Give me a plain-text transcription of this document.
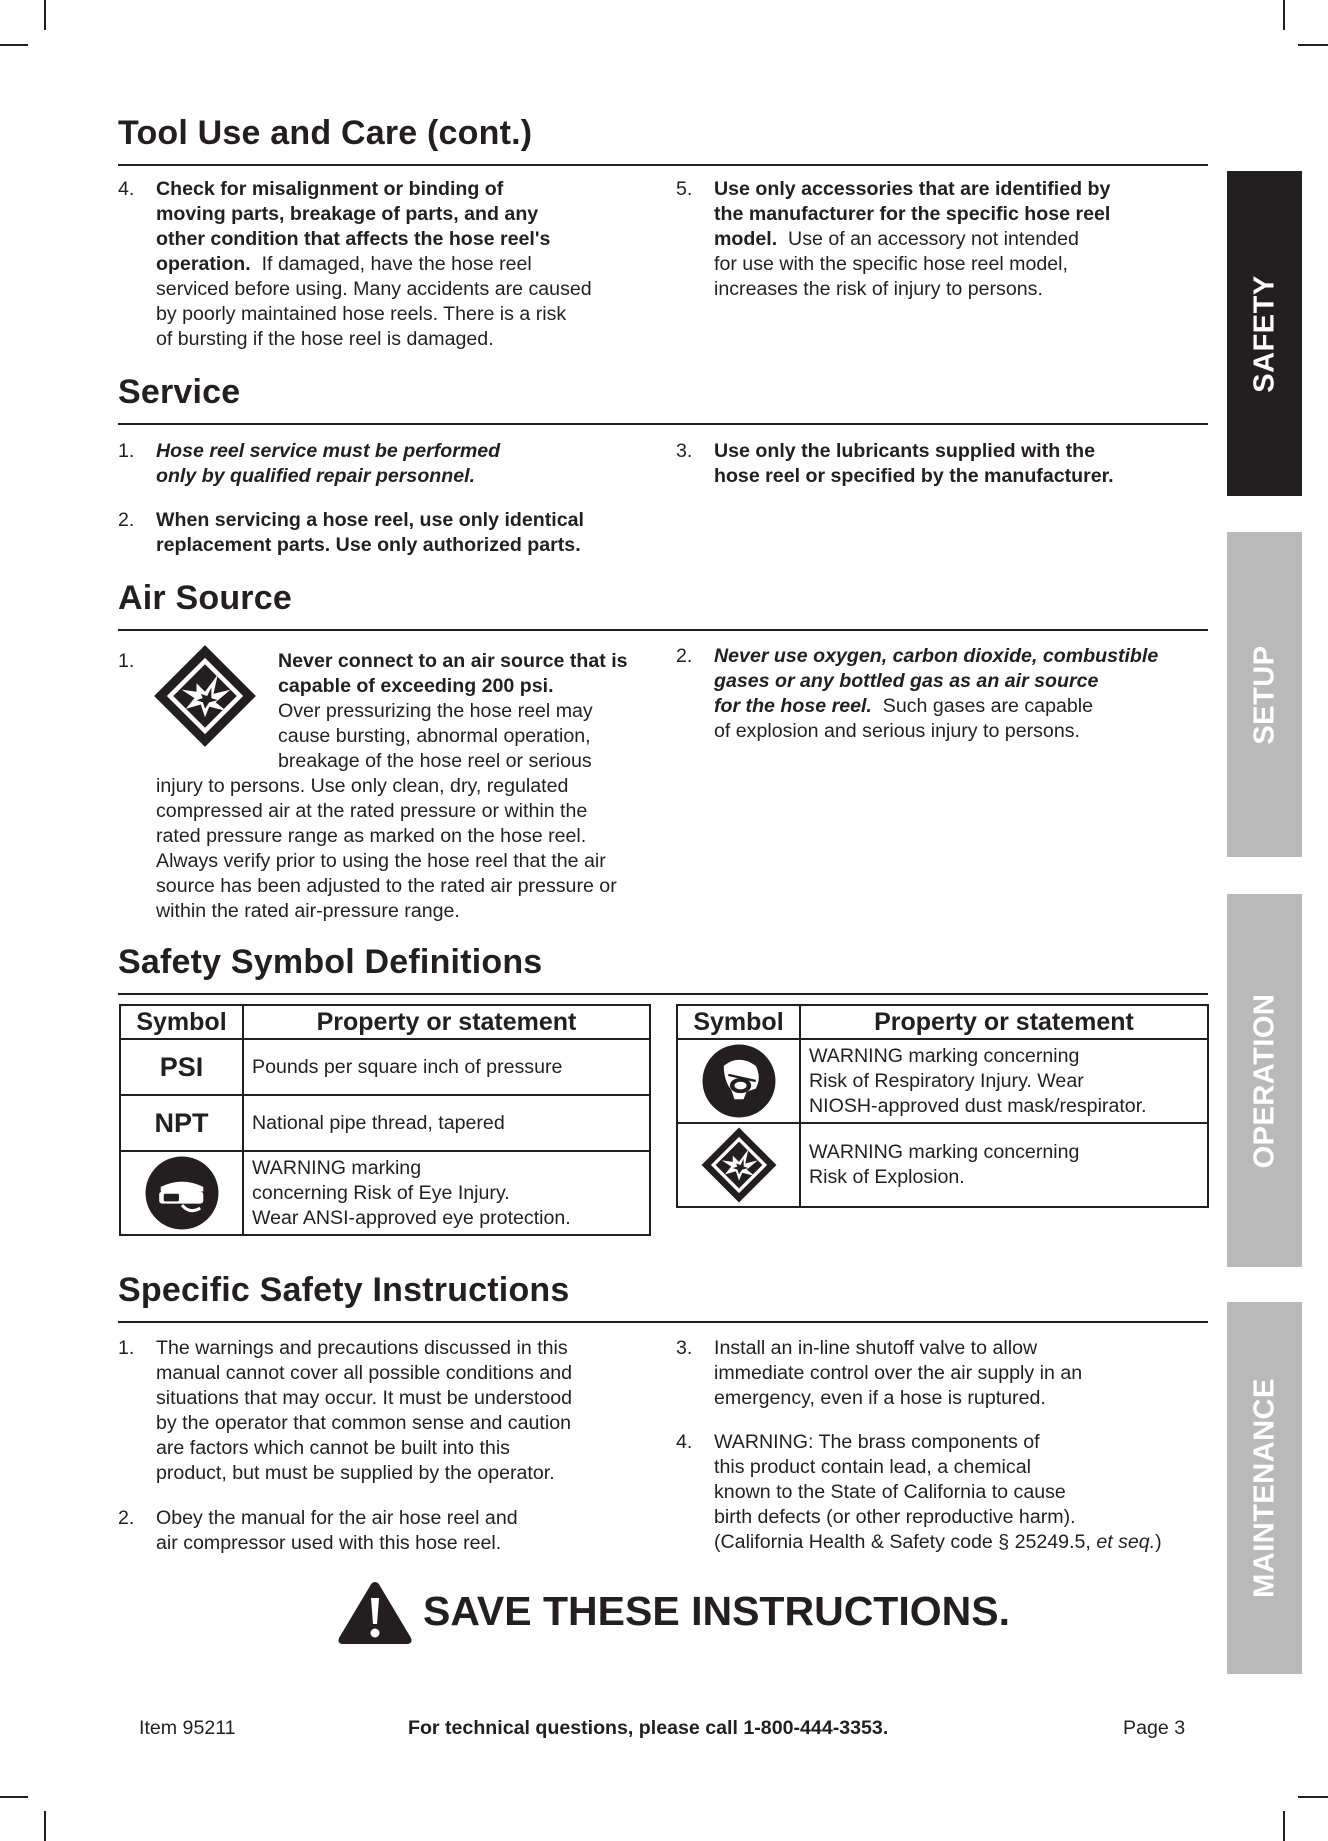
SAFETY
SETUP
OPERATION
MAINTENANCE
Tool Use and Care (cont.)
4. Check for misalignment or binding of
moving parts, breakage of parts, and any
other condition that affects the hose reel's
operation. If damaged, have the hose reel
serviced before using. Many accidents are caused
by poorly maintained hose reels. There is a risk
of bursting if the hose reel is damaged.
5. Use only accessories that are identified by
the manufacturer for the specific hose reel
model. Use of an accessory not intended
for use with the specific hose reel model,
increases the risk of injury to persons.
Service
1. Hose reel service must be performed
only by qualified repair personnel.
2. When servicing a hose reel, use only identical
replacement parts. Use only authorized parts.
3. Use only the lubricants supplied with the
hose reel or specified by the manufacturer.
Air Source
1.	Never connect to an air source that is
capable of exceeding 200 psi.
Over pressurizing the hose reel may
cause bursting, abnormal operation,
breakage of the hose reel or serious
injury to persons. Use only clean, dry, regulated
compressed air at the rated pressure or within the
rated pressure range as marked on the hose reel.
Always verify prior to using the hose reel that the air
source has been adjusted to the rated air pressure or
within the rated air-pressure range.
2. Never use oxygen, carbon dioxide, combustible
gases or any bottled gas as an air source
for the hose reel. Such gases are capable
of explosion and serious injury to persons.
Safety Symbol Definitions
Symbol	Property or statement
PSI	Pounds per square inch of pressure
NPT	National pipe thread, tapered

WARNING marking
concerning Risk of Eye Injury.
Wear ANSI-approved eye protection.
Symbol	Property or statement

WARNING marking concerning
Risk of Respiratory Injury. Wear
NIOSH-approved dust mask/respirator.

WARNING marking concerning
Risk of Explosion.
Specific Safety Instructions
1. The warnings and precautions discussed in this
manual cannot cover all possible conditions and
situations that may occur. It must be understood
by the operator that common sense and caution
are factors which cannot be built into this
product, but must be supplied by the operator.
2. Obey the manual for the air hose reel and
air compressor used with this hose reel.
3. Install an in-line shutoff valve to allow
immediate control over the air supply in an
emergency, even if a hose is ruptured.
4. WARNING: The brass components of
this product contain lead, a chemical
known to the State of California to cause
birth defects (or other reproductive harm).
(California Health & Safety code § 25249.5, et seq.)
SAVE THESE INSTRUCTIONS.
Item 95211	For technical questions, please call 1-800-444-3353.	Page 3
